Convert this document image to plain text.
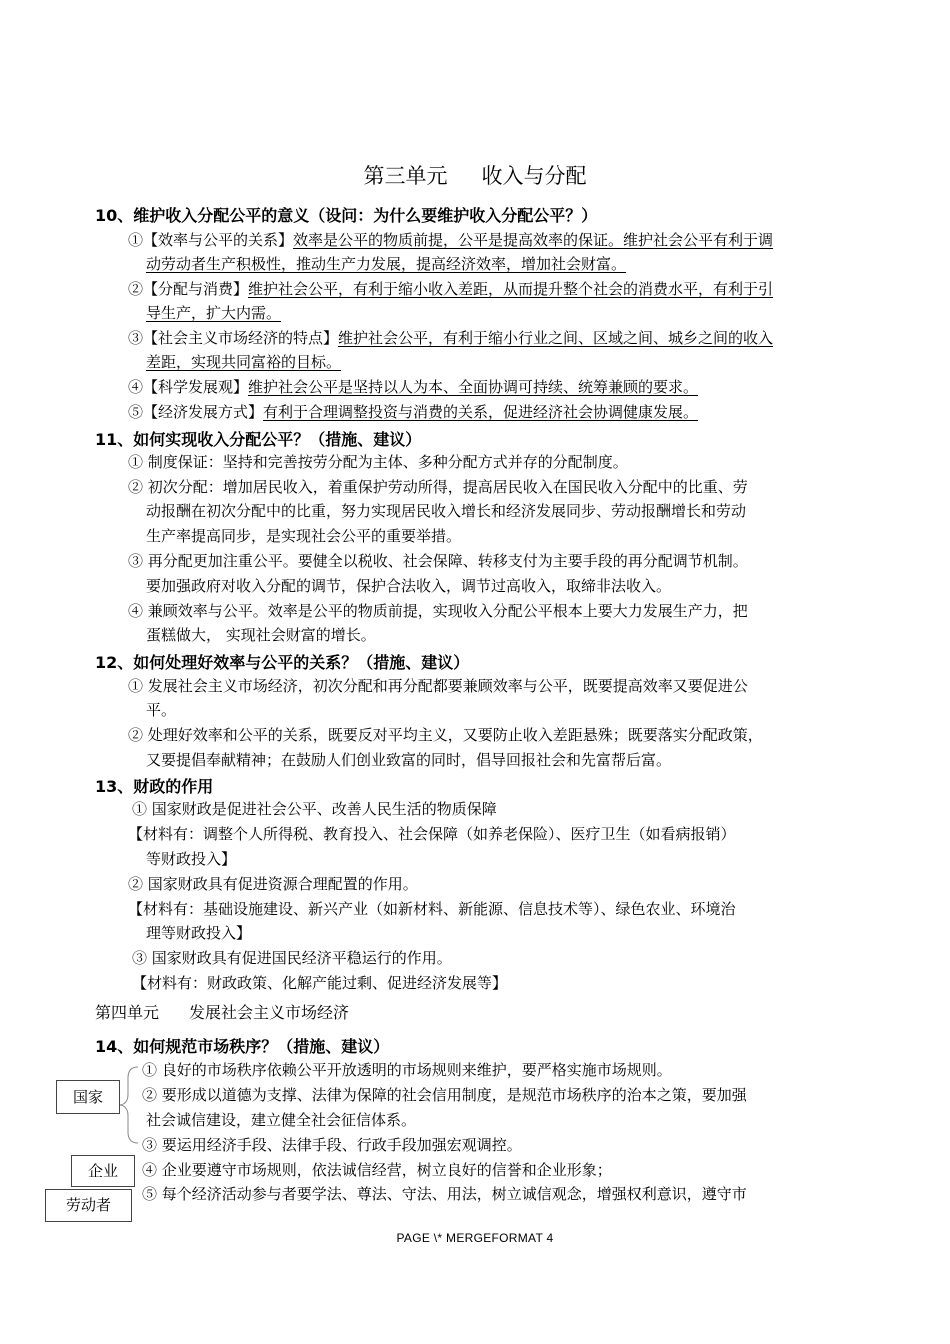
第三单元 收入与分配
10、维护收入分配公平的意义（设问：为什么要维护收入分配公平？）
①【效率与公平的关系】效率是公平的物质前提，公平是提高效率的保证。维护社会公平有利于调
动劳动者生产积极性，推动生产力发展，提高经济效率，增加社会财富。
②【分配与消费】维护社会公平，有利于缩小收入差距，从而提升整个社会的消费水平，有利于引
导生产，扩大内需。
③【社会主义市场经济的特点】维护社会公平，有利于缩小行业之间、区域之间、城乡之间的收入
差距，实现共同富裕的目标。
④【科学发展观】维护社会公平是坚持以人为本、全面协调可持续、统筹兼顾的要求。
⑤【经济发展方式】有利于合理调整投资与消费的关系，促进经济社会协调健康发展。
11、如何实现收入分配公平？（措施、建议）
① 制度保证：坚持和完善按劳分配为主体、多种分配方式并存的分配制度。
② 初次分配：增加居民收入，着重保护劳动所得，提高居民收入在国民收入分配中的比重、劳
动报酬在初次分配中的比重，努力实现居民收入增长和经济发展同步、劳动报酬增长和劳动
生产率提高同步，是实现社会公平的重要举措。
③ 再分配更加注重公平。要健全以税收、社会保障、转移支付为主要手段的再分配调节机制。
要加强政府对收入分配的调节，保护合法收入，调节过高收入，取缔非法收入。
④ 兼顾效率与公平。效率是公平的物质前提，实现收入分配公平根本上要大力发展生产力，把
蛋糕做大， 实现社会财富的增长。
12、如何处理好效率与公平的关系？（措施、建议）
① 发展社会主义市场经济，初次分配和再分配都要兼顾效率与公平，既要提高效率又要促进公
平。
② 处理好效率和公平的关系，既要反对平均主义，又要防止收入差距悬殊；既要落实分配政策，
又要提倡奉献精神；在鼓励人们创业致富的同时，倡导回报社会和先富帮后富。
13、财政的作用
① 国家财政是促进社会公平、改善人民生活的物质保障
【材料有：调整个人所得税、教育投入、社会保障（如养老保险）、医疗卫生（如看病报销）
等财政投入】
② 国家财政具有促进资源合理配置的作用。
【材料有：基础设施建设、新兴产业（如新材料、新能源、信息技术等）、绿色农业、环境治
理等财政投入】
③ 国家财政具有促进国民经济平稳运行的作用。
【材料有：财政政策、化解产能过剩、促进经济发展等】
第四单元 发展社会主义市场经济
14、如何规范市场秩序？（措施、建议）
国家
企业
劳动者
① 良好的市场秩序依赖公平开放透明的市场规则来维护，要严格实施市场规则。
② 要形成以道德为支撑、法律为保障的社会信用制度，是规范市场秩序的治本之策，要加强
社会诚信建设，建立健全社会征信体系。
③ 要运用经济手段、法律手段、行政手段加强宏观调控。
④ 企业要遵守市场规则，依法诚信经营，树立良好的信誉和企业形象；
⑤ 每个经济活动参与者要学法、尊法、守法、用法，树立诚信观念，增强权利意识，遵守市
PAGE \* MERGEFORMAT 4
